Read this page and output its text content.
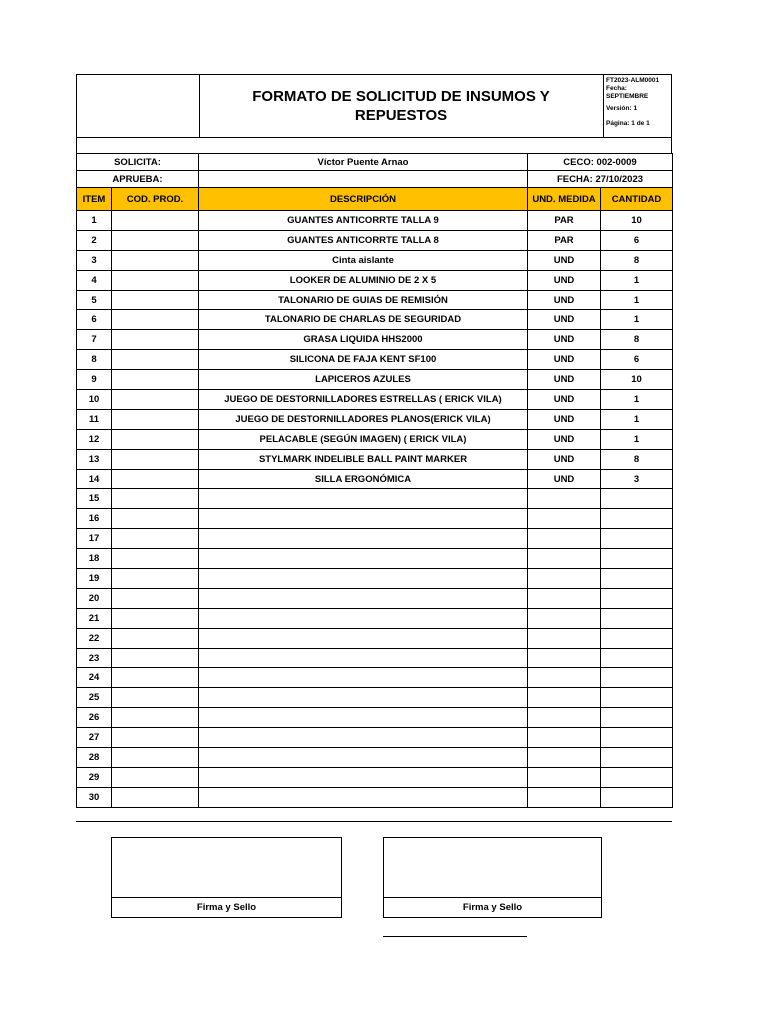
FORMATO DE SOLICITUD DE INSUMOS Y REPUESTOS
FT2023-ALM0001
Fecha:
SEPTIEMBRE
Versión: 1
Página: 1 de 1
SOLICITA:	Víctor Puente Arnao	CECO: 002-0009
APRUEBA:		FECHA: 27/10/2023
ITEM	COD. PROD.	DESCRIPCIÓN	UND. MEDIDA	CANTIDAD
1		GUANTES ANTICORRTE TALLA 9	PAR	10
2		GUANTES ANTICORRTE TALLA 8	PAR	6
3		Cinta aislante	UND	8
4		LOOKER DE ALUMINIO DE 2 X 5	UND	1
5		TALONARIO DE GUIAS DE REMISIÓN	UND	1
6		TALONARIO DE CHARLAS DE SEGURIDAD	UND	1
7		GRASA LIQUIDA HHS2000	UND	8
8		SILICONA DE FAJA KENT SF100	UND	6
9		LAPICEROS AZULES	UND	10
10		JUEGO DE DESTORNILLADORES ESTRELLAS ( ERICK VILA)	UND	1
11		JUEGO DE DESTORNILLADORES PLANOS(ERICK VILA)	UND	1
12		PELACABLE (SEGÚN IMAGEN) ( ERICK VILA)	UND	1
13		STYLMARK INDELIBLE BALL PAINT MARKER	UND	8
14		SILLA ERGONÓMICA	UND	3
15				
16				
17				
18				
19				
20				
21				
22				
23				
24				
25				
26				
27				
28				
29				
30				
Firma y Sello	Firma y Sello
